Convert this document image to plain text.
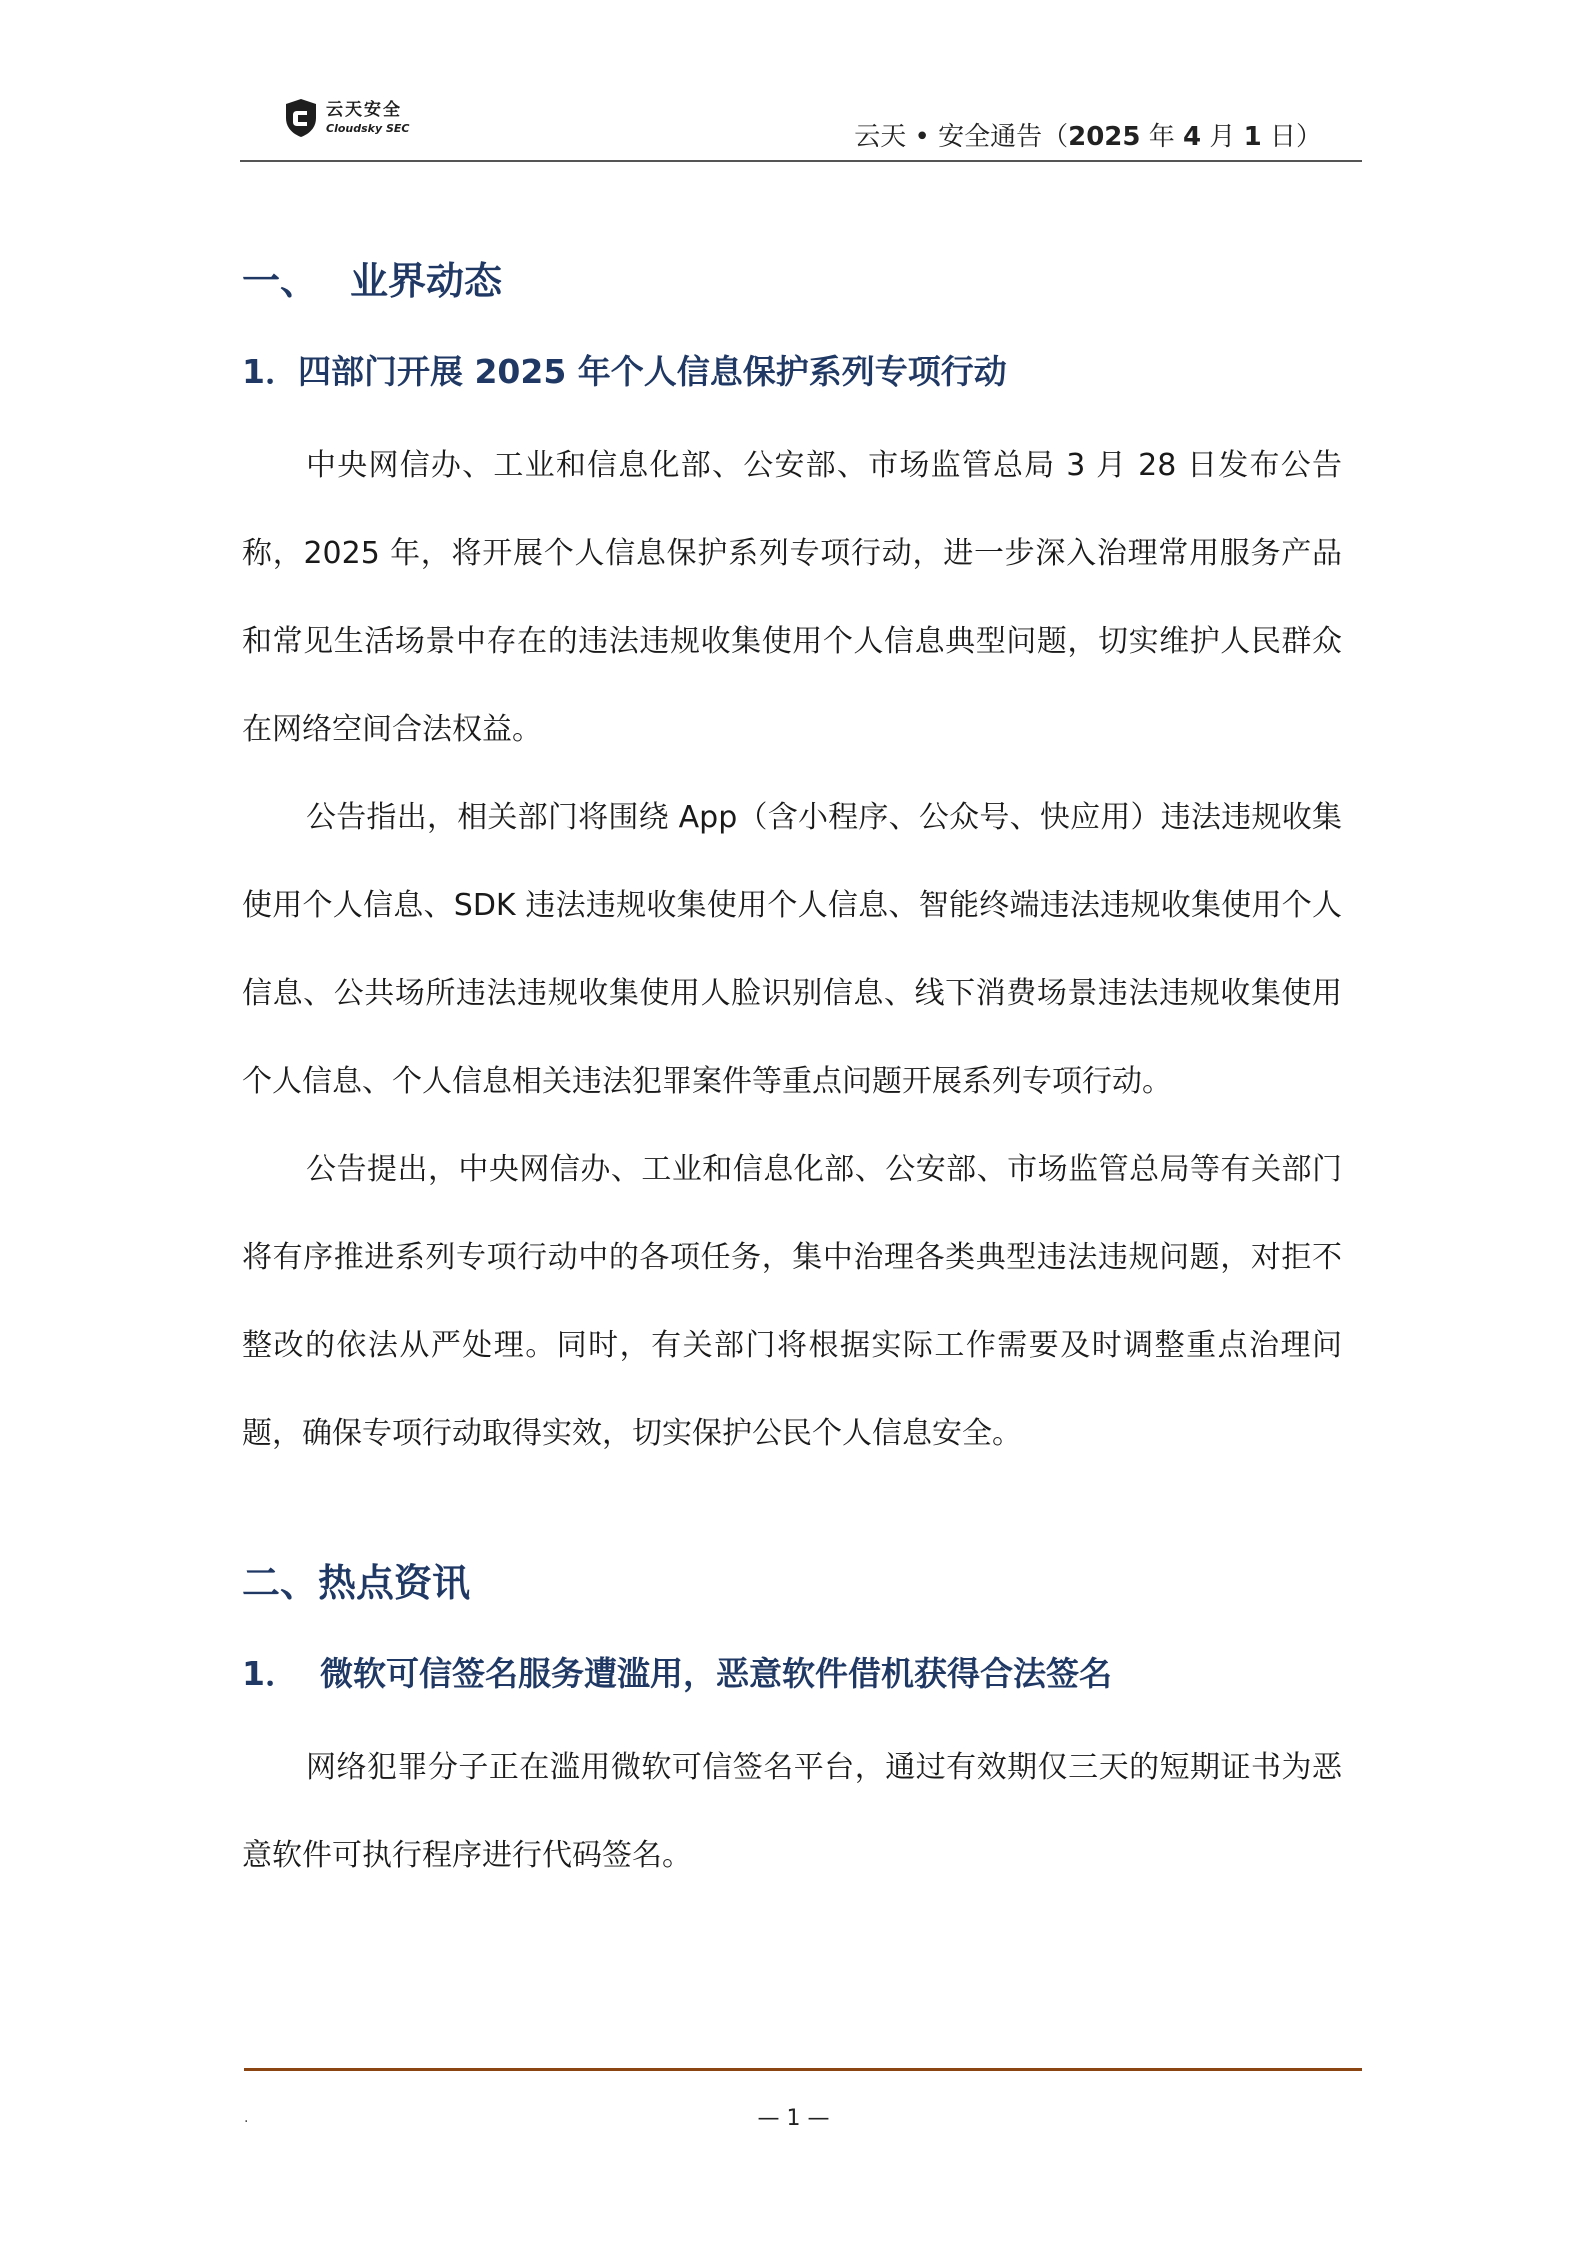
云天安全
Cloudsky SEC	云天 • 安全通告（2025 年 4 月 1 日）
一、 业界动态
1．四部门开展 2025 年个人信息保护系列专项行动

中央网信办、工业和信息化部、公安部、市场监管总局 3 月 28 日发布公告称，2025 年，将开展个人信息保护系列专项行动，进一步深入治理常用服务产品和常见生活场景中存在的违法违规收集使用个人信息典型问题，切实维护人民群众在网络空间合法权益。

公告指出，相关部门将围绕 App（含小程序、公众号、快应用）违法违规收集使用个人信息、SDK 违法违规收集使用个人信息、智能终端违法违规收集使用个人信息、公共场所违法违规收集使用人脸识别信息、线下消费场景违法违规收集使用个人信息、个人信息相关违法犯罪案件等重点问题开展系列专项行动。

公告提出，中央网信办、工业和信息化部、公安部、市场监管总局等有关部门将有序推进系列专项行动中的各项任务，集中治理各类典型违法违规问题，对拒不整改的依法从严处理。同时，有关部门将根据实际工作需要及时调整重点治理问题，确保专项行动取得实效，切实保护公民个人信息安全。

二、热点资讯
1． 微软可信签名服务遭滥用，恶意软件借机获得合法签名

网络犯罪分子正在滥用微软可信签名平台，通过有效期仅三天的短期证书为恶意软件可执行程序进行代码签名。

.	— 1 —
